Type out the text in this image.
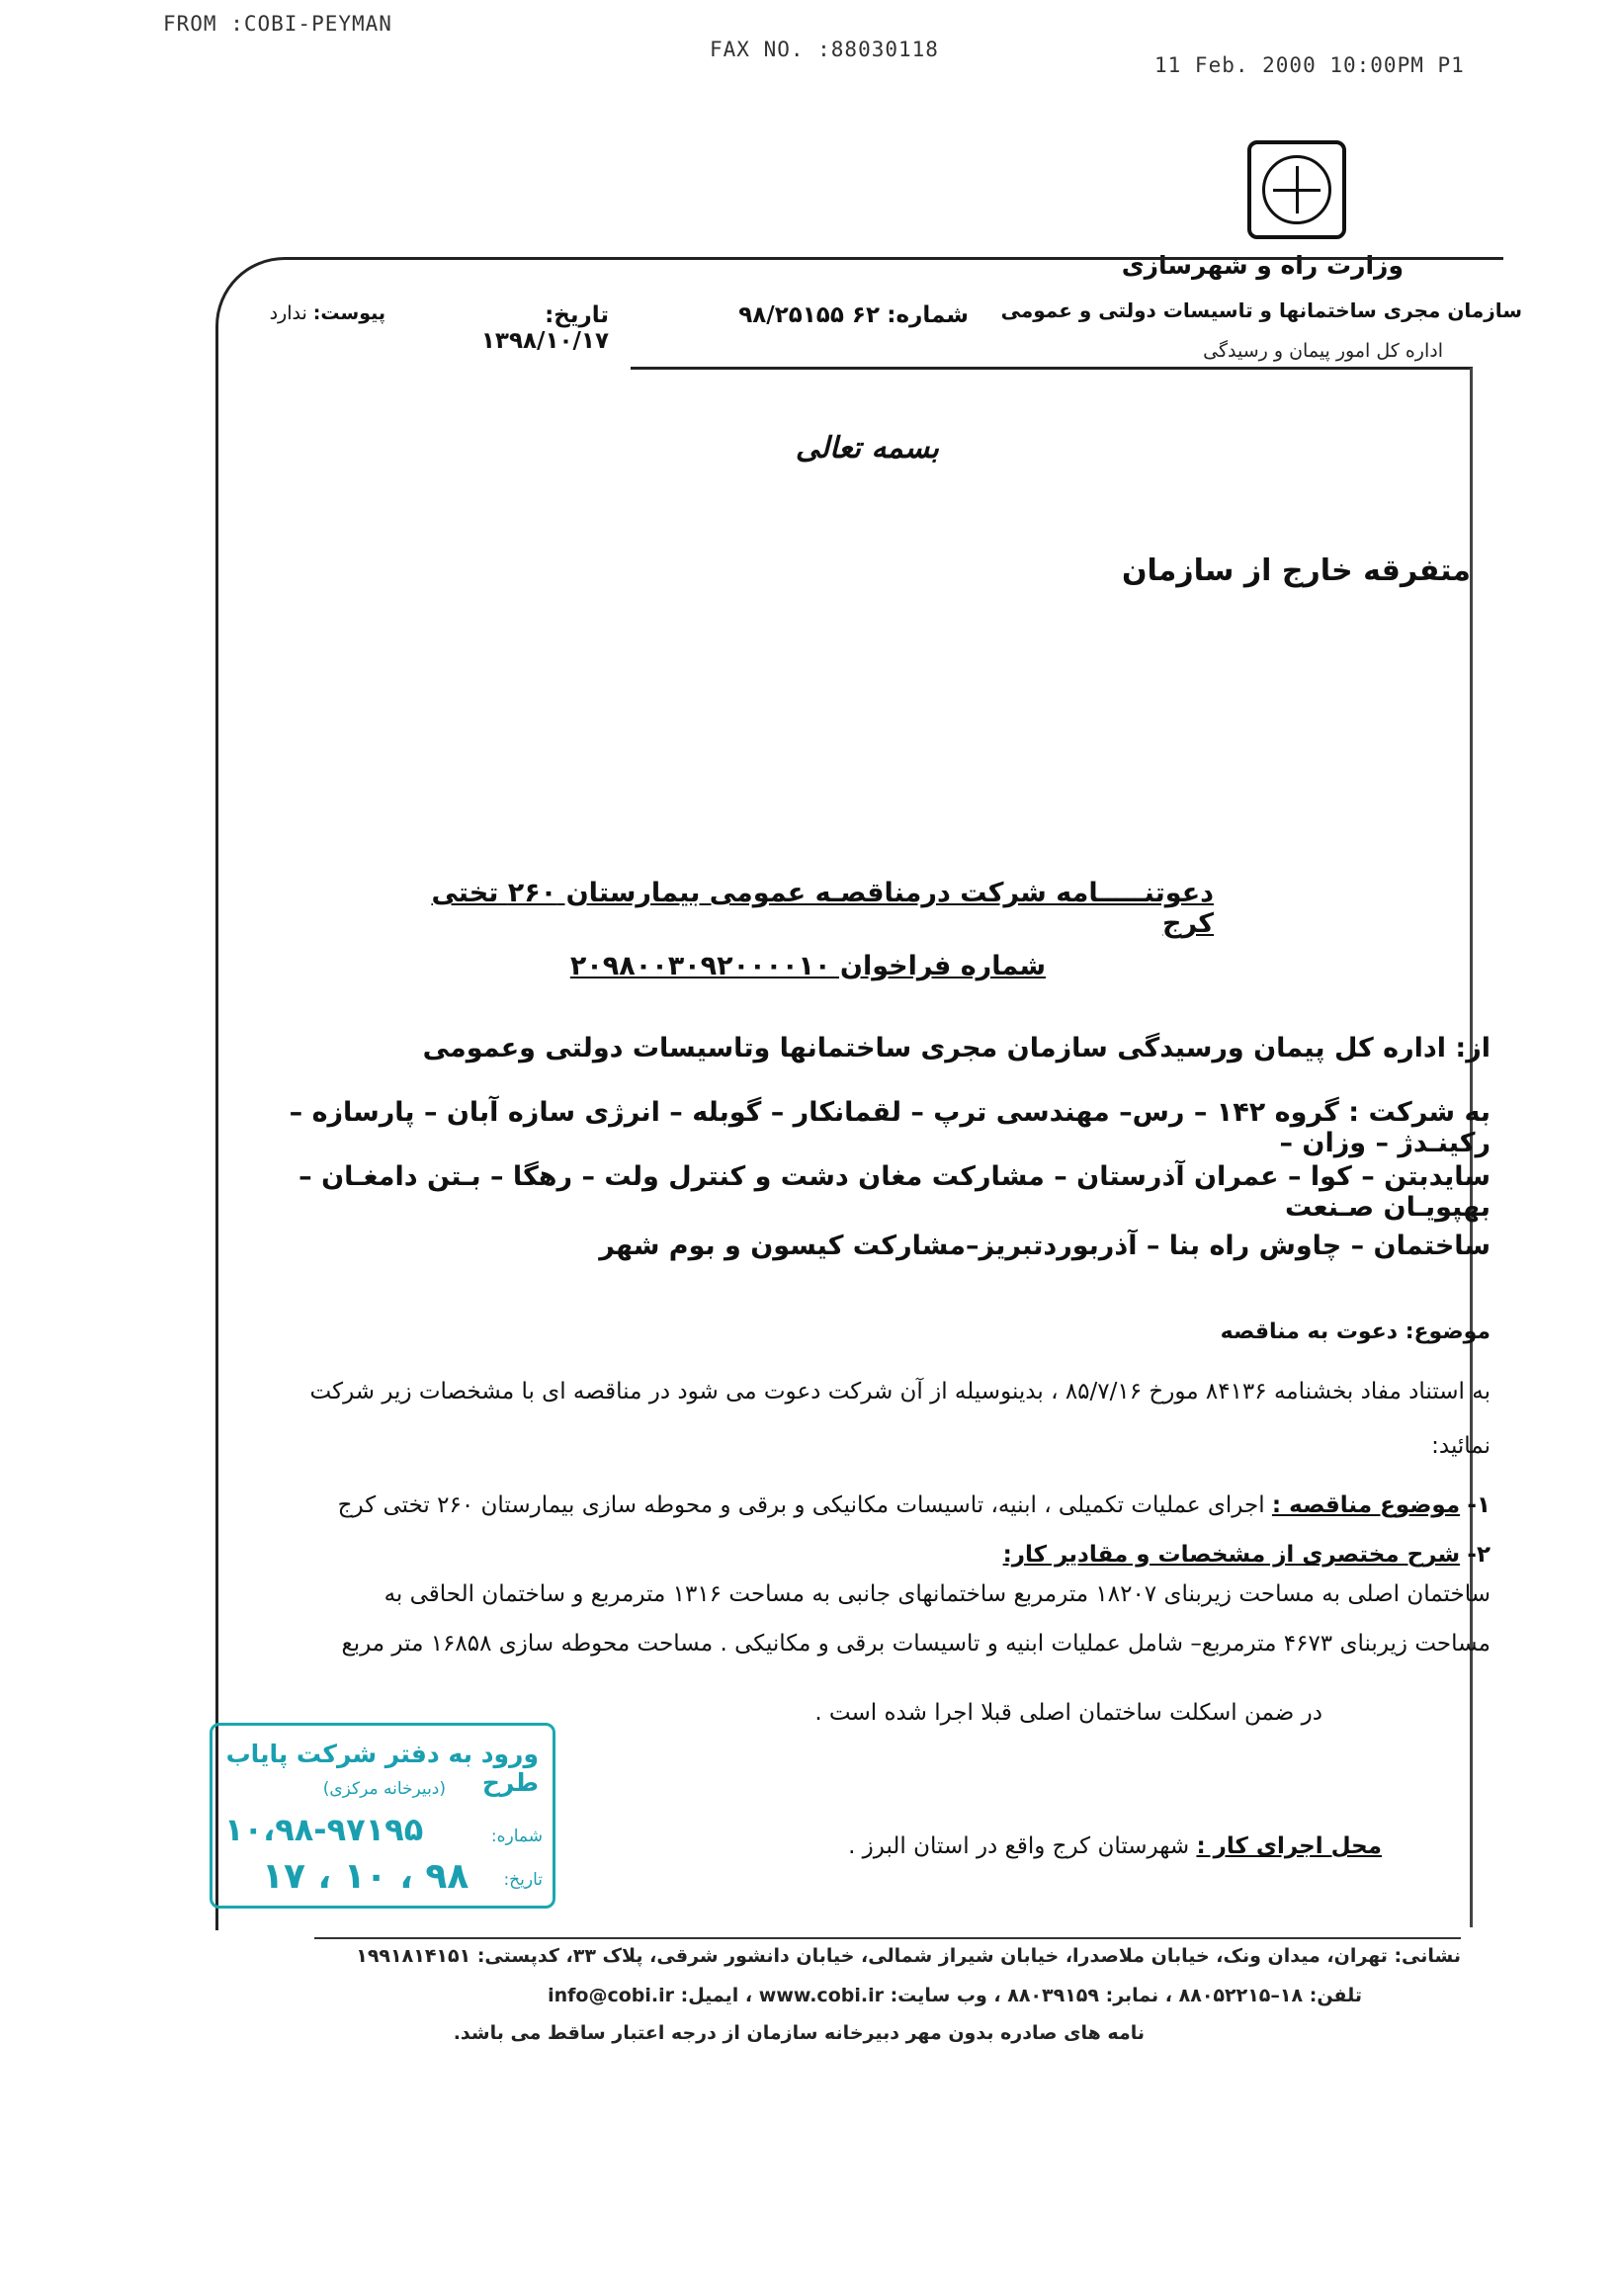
FROM :COBI-PEYMAN
FAX NO. :88030118
11 Feb. 2000 10:00PM P1
وزارت راه و شهرسازی
سازمان مجری ساختمانها و تاسیسات دولتی و عمومی
اداره کل امور پیمان و رسیدگی
شماره: ۶۲ ۹۸/۲۵۱۵۵
تاریخ: ۱۳۹۸/۱۰/۱۷
پیوست: ندارد
بسمه تعالی
متفرقه خارج از سازمان
دعوتنـــــامه شرکت درمناقصـه عمومی بیمارستان ۲۶۰ تختی کرج
شماره فراخوان ۲۰۹۸۰۰۳۰۹۲۰۰۰۰۱۰
از: اداره کل پیمان ورسیدگی سازمان مجری ساختمانها وتاسیسات دولتی وعمومی
به شرکت : گروه ۱۴۲ – رس– مهندسی ترپ – لقمانکار – گوبله – انرژی سازه آبان – پارسازه – رکینـدژ – وزان –
سایدبتن – کوا – عمران آذرستان – مشارکت مغان دشت و کنترل ولت – رهگا – بـتن دامغـان – بهپویـان صـنعت
ساختمان – چاوش راه بنا – آذربوردتبریز–مشارکت کیسون و بوم شهر
موضوع: دعوت به مناقصه
به استناد مفاد بخشنامه ۸۴۱۳۶ مورخ ۸۵/۷/۱۶ ، بدینوسیله از آن شرکت دعوت می شود در مناقصه ای با مشخصات زیر شرکت
نمائید:
۱- موضوع مناقصه : اجرای عملیات تکمیلی ، ابنیه، تاسیسات مکانیکی و برقی و محوطه سازی بیمارستان ۲۶۰ تختی کرج
۲- شرح مختصری از مشخصات و مقادیر کار:
ساختمان اصلی به مساحت زیربنای ۱۸۲۰۷ مترمربع ساختمانهای جانبی به مساحت ۱۳۱۶ مترمربع و ساختمان الحاقی به
مساحت زیربنای ۴۶۷۳ مترمربع– شامل عملیات ابنیه و تاسیسات برقی و مکانیکی . مساحت محوطه سازی ۱۶۸۵۸ متر مربع
در ضمن اسکلت ساختمان اصلی قبلا اجرا شده است .
محل اجرای کار : شهرستان کرج واقع در استان البرز .
ورود به دفتر شرکت پایاب طرح
(دبیرخانه مرکزی)
شماره:
۱۰،۹۸-۹۷۱۹۵
تاریخ:
۹۸ ، ۱۰ ، ۱۷
نشانی: تهران، میدان ونک، خیابان ملاصدرا، خیابان شیراز شمالی، خیابان دانشور شرقی، پلاک ۳۳، کدپستی: ۱۹۹۱۸۱۴۱۵۱
تلفن: ۱۸–۸۸۰۵۲۲۱۵ ، نمابر: ۸۸۰۳۹۱۵۹ ، وب سایت: www.cobi.ir ، ایمیل: info@cobi.ir
نامه های صادره بدون مهر دبیرخانه سازمان از درجه اعتبار ساقط می باشد.
